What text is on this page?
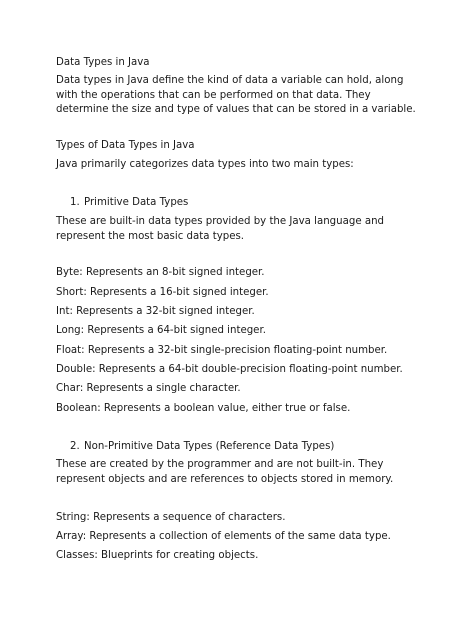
Data Types in Java

Data types in Java define the kind of data a variable can hold, along with the operations that can be performed on that data. They determine the size and type of values that can be stored in a variable.

Types of Data Types in Java

Java primarily categorizes data types into two main types:

1. Primitive Data Types

These are built-in data types provided by the Java language and represent the most basic data types.

Byte: Represents an 8-bit signed integer.

Short: Represents a 16-bit signed integer.

Int: Represents a 32-bit signed integer.

Long: Represents a 64-bit signed integer.

Float: Represents a 32-bit single-precision floating-point number.

Double: Represents a 64-bit double-precision floating-point number.

Char: Represents a single character.

Boolean: Represents a boolean value, either true or false.

2. Non-Primitive Data Types (Reference Data Types)

These are created by the programmer and are not built-in. They represent objects and are references to objects stored in memory.

String: Represents a sequence of characters.

Array: Represents a collection of elements of the same data type.

Classes: Blueprints for creating objects.
